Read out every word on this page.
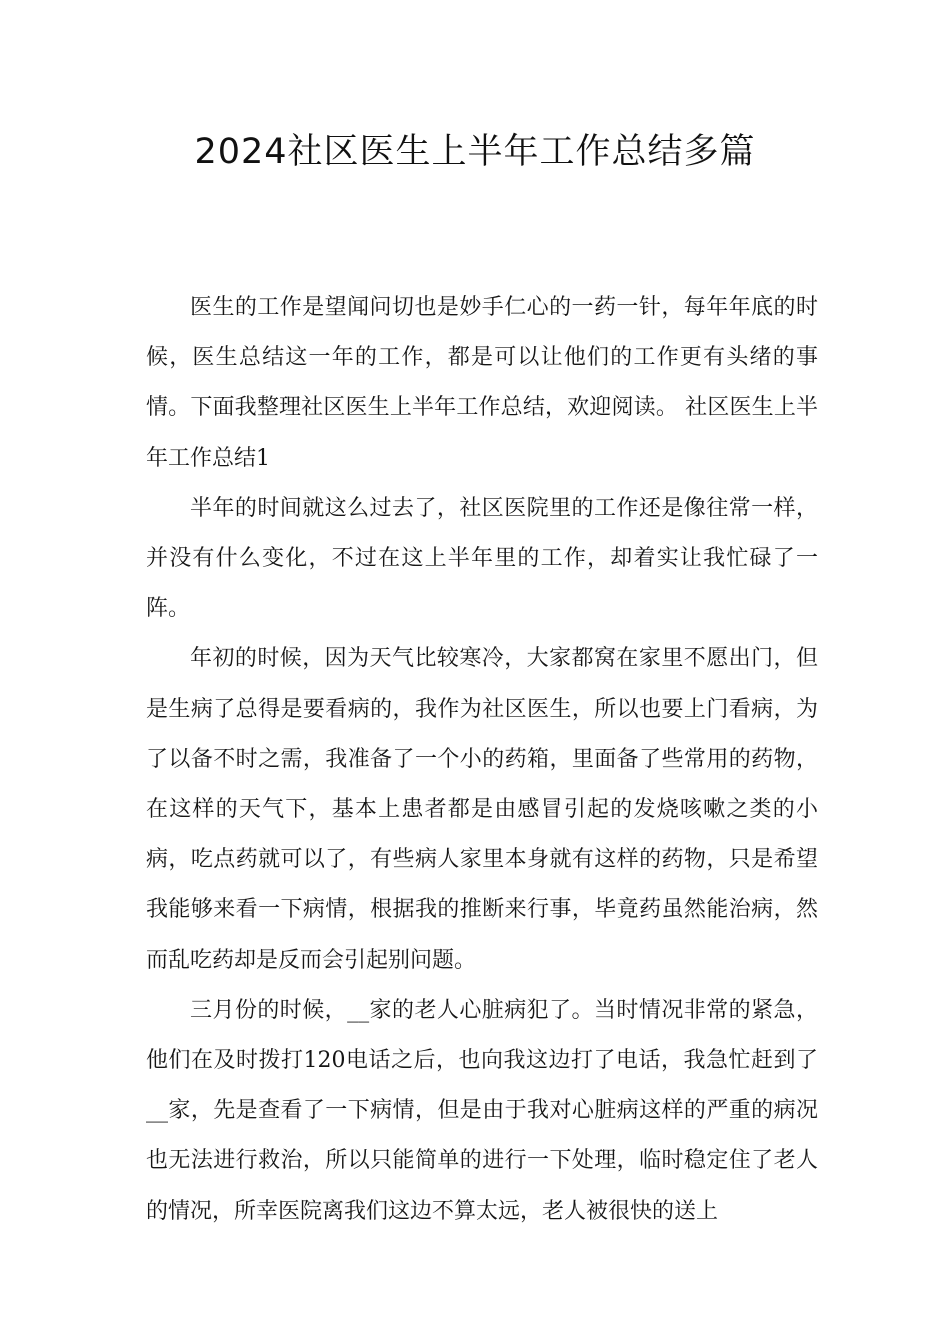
2024社区医生上半年工作总结多篇

医生的工作是望闻问切也是妙手仁心的一药一针，每年年底的时候，医生总结这一年的工作，都是可以让他们的工作更有头绪的事情。下面我整理社区医生上半年工作总结，欢迎阅读。 社区医生上半年工作总结1

半年的时间就这么过去了，社区医院里的工作还是像往常一样，并没有什么变化，不过在这上半年里的工作，却着实让我忙碌了一阵。

年初的时候，因为天气比较寒冷，大家都窝在家里不愿出门，但是生病了总得是要看病的，我作为社区医生，所以也要上门看病，为了以备不时之需，我准备了一个小的药箱，里面备了些常用的药物，在这样的天气下，基本上患者都是由感冒引起的发烧咳嗽之类的小病，吃点药就可以了，有些病人家里本身就有这样的药物，只是希望我能够来看一下病情，根据我的推断来行事，毕竟药虽然能治病，然而乱吃药却是反而会引起别问题。

三月份的时候，__家的老人心脏病犯了。当时情况非常的紧急，他们在及时拨打120电话之后，也向我这边打了电话，我急忙赶到了__家，先是查看了一下病情，但是由于我对心脏病这样的严重的病况也无法进行救治，所以只能简单的进行一下处理，临时稳定住了老人的情况，所幸医院离我们这边不算太远，老人被很快的送上
